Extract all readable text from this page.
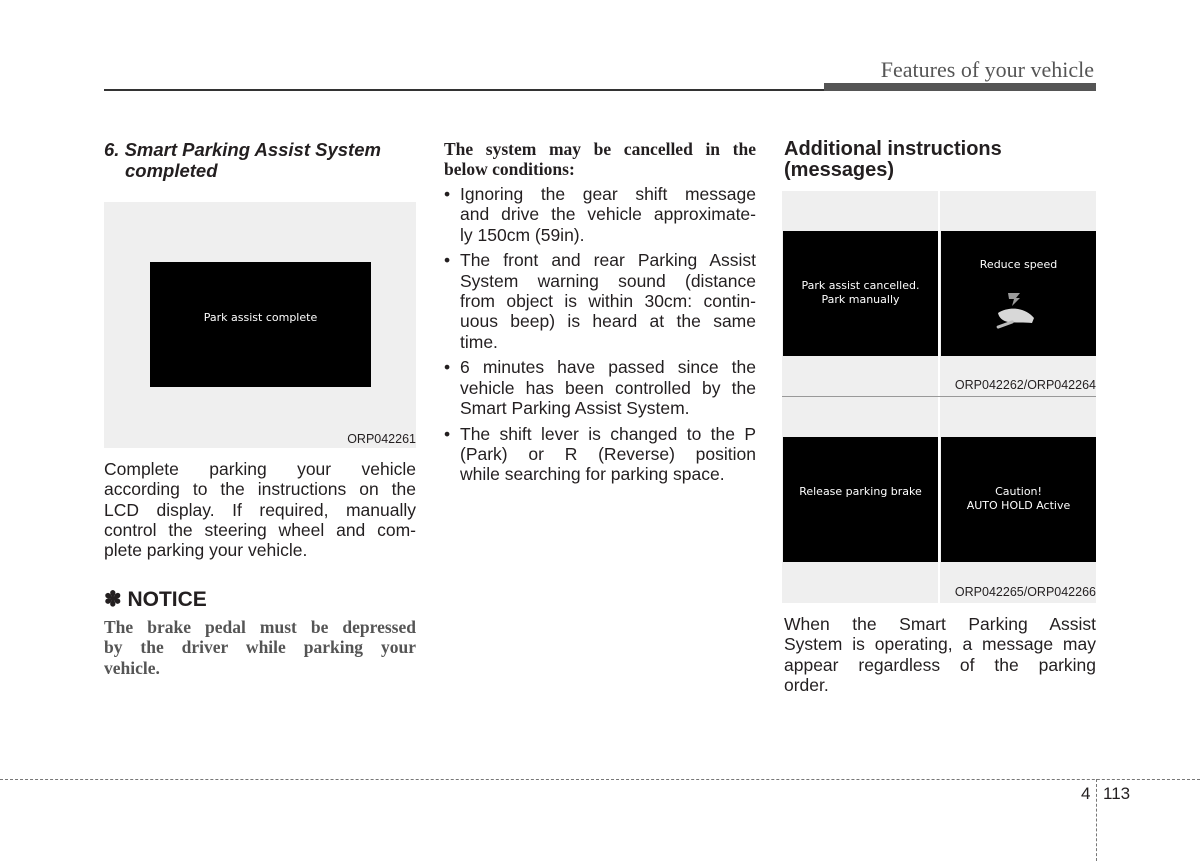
Features of your vehicle
6. Smart Parking Assist System
completed
Park assist complete
ORP042261
Complete parking your vehicle
according to the instructions on the
LCD display. If required, manually
control the steering wheel and com-
plete parking your vehicle.
✽ NOTICE
The brake pedal must be depressed
by the driver while parking your
vehicle.
The system may be cancelled in the
below conditions:
• Ignoring the gear shift message
and drive the vehicle approximate-
ly 150cm (59in).
• The front and rear Parking Assist
System warning sound (distance
from object is within 30cm: contin-
uous beep) is heard at the same
time.
• 6 minutes have passed since the
vehicle has been controlled by the
Smart Parking Assist System.
• The shift lever is changed to the P
(Park) or R (Reverse) position
while searching for parking space.
Additional instructions
(messages)
Park assist cancelled.
Park manually
Reduce speed
ORP042262/ORP042264
Release parking brake	Caution!
AUTO HOLD Active
ORP042265/ORP042266
When the Smart Parking Assist
System is operating, a message may
appear regardless of the parking
order.
4 113
